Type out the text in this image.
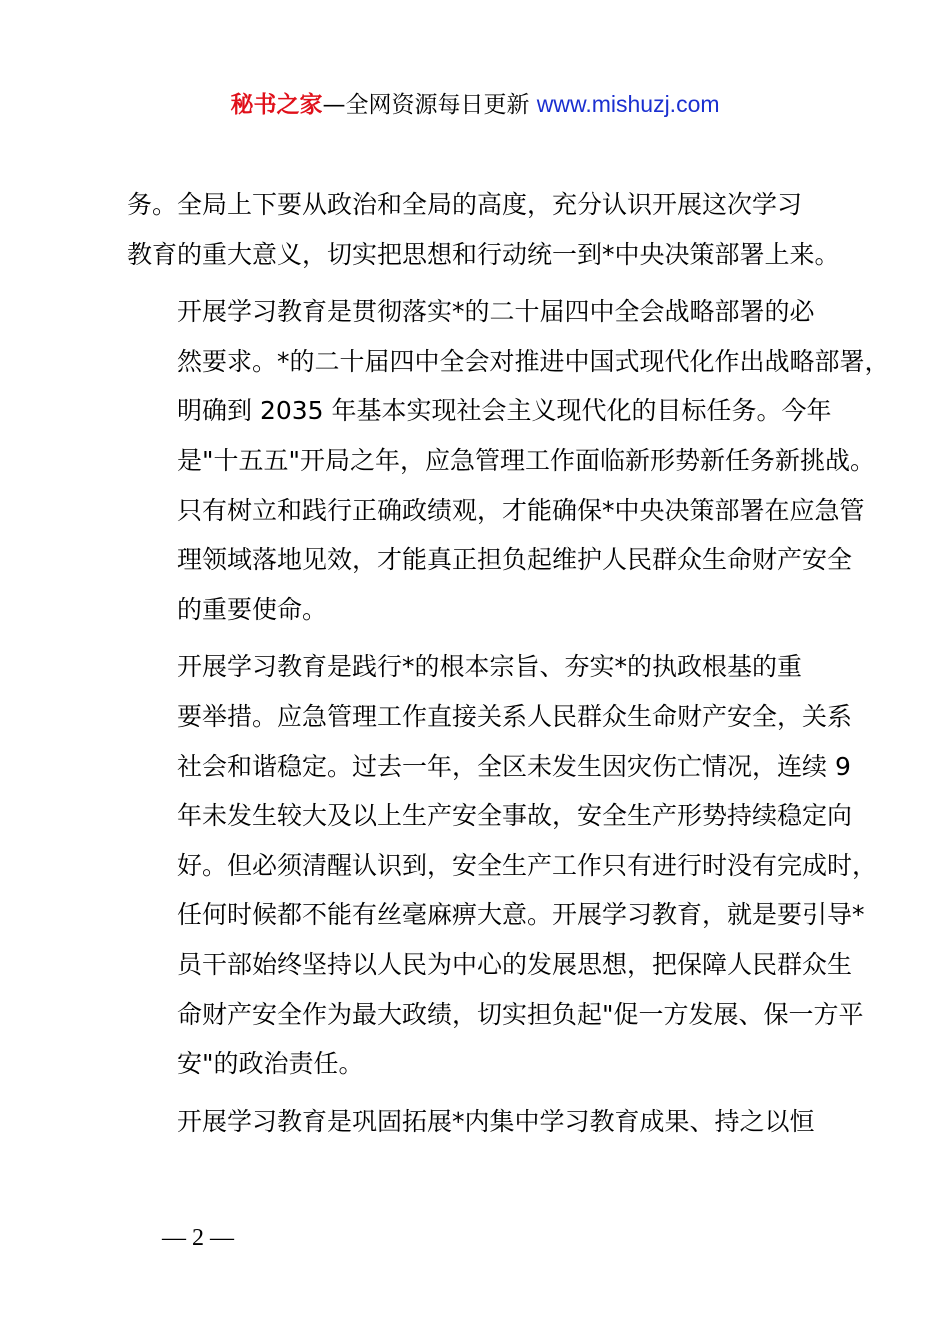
秘书之家—全网资源每日更新 www.mishuzj.com

务。全局上下要从政治和全局的高度，充分认识开展这次学习
教育的重大意义，切实把思想和行动统一到*中央决策部署上来。

开展学习教育是贯彻落实*的二十届四中全会战略部署的必
然要求。*的二十届四中全会对推进中国式现代化作出战略部署，
明确到 2035 年基本实现社会主义现代化的目标任务。今年
是"十五五"开局之年，应急管理工作面临新形势新任务新挑战。
只有树立和践行正确政绩观，才能确保*中央决策部署在应急管
理领域落地见效，才能真正担负起维护人民群众生命财产安全
的重要使命。

开展学习教育是践行*的根本宗旨、夯实*的执政根基的重
要举措。应急管理工作直接关系人民群众生命财产安全，关系
社会和谐稳定。过去一年，全区未发生因灾伤亡情况，连续 9
年未发生较大及以上生产安全事故，安全生产形势持续稳定向
好。但必须清醒认识到，安全生产工作只有进行时没有完成时，
任何时候都不能有丝毫麻痹大意。开展学习教育，就是要引导*
员干部始终坚持以人民为中心的发展思想，把保障人民群众生
命财产安全作为最大政绩，切实担负起"促一方发展、保一方平
安"的政治责任。

开展学习教育是巩固拓展*内集中学习教育成果、持之以恒

— 2 —
